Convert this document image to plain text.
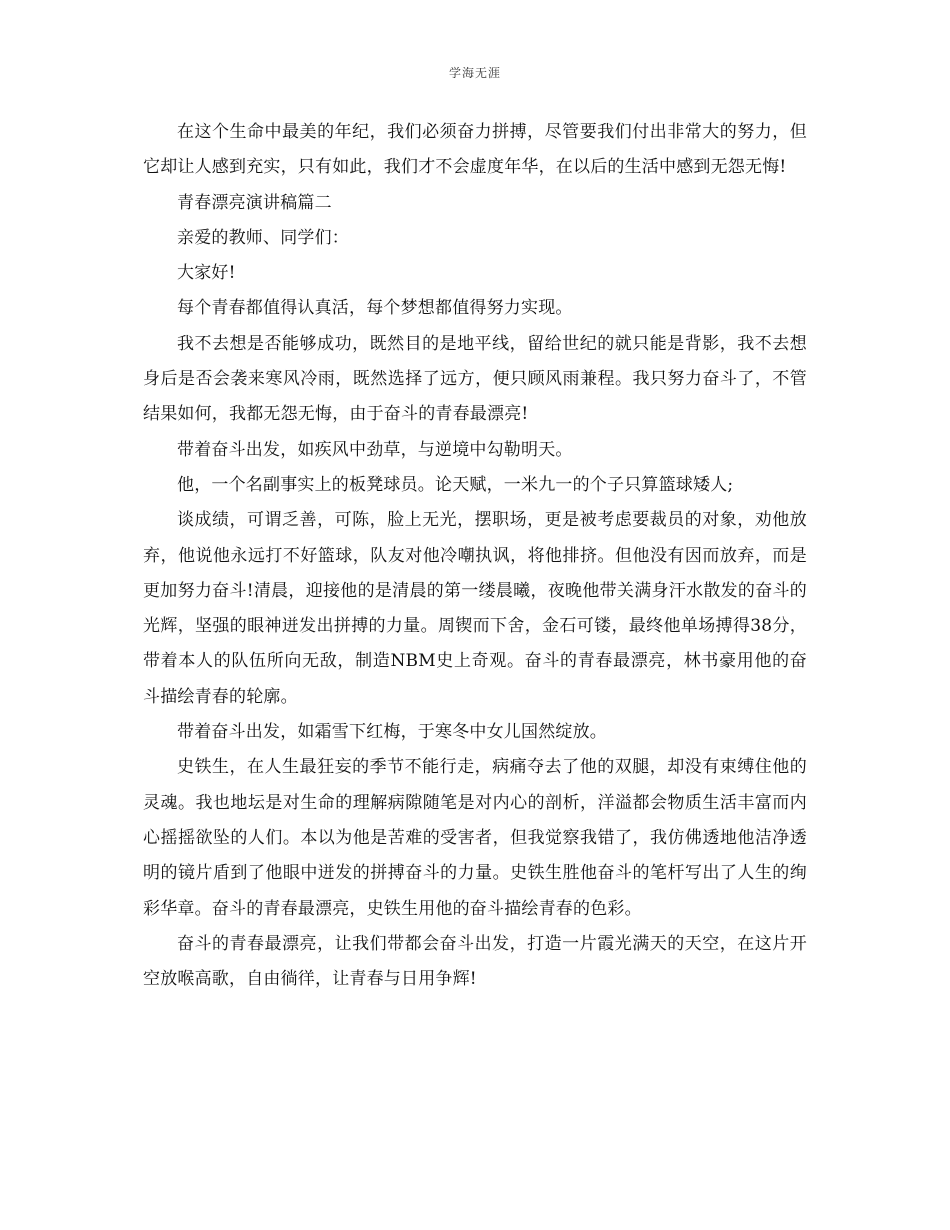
学海无涯

在这个生命中最美的年纪，我们必须奋力拼搏，尽管要我们付出非常大的努力，但它却让人感到充实，只有如此，我们才不会虚度年华，在以后的生活中感到无怨无悔!

青春漂亮演讲稿篇二

亲爱的教师、同学们：

大家好!

每个青春都值得认真活，每个梦想都值得努力实现。

我不去想是否能够成功，既然目的是地平线，留给世纪的就只能是背影，我不去想身后是否会袭来寒风冷雨，既然选择了远方，便只顾风雨兼程。我只努力奋斗了，不管结果如何，我都无怨无悔，由于奋斗的青春最漂亮!

带着奋斗出发，如疾风中劲草，与逆境中勾勒明天。

他，一个名副事实上的板凳球员。论天赋，一米九一的个子只算篮球矮人;

谈成绩，可谓乏善，可陈，脸上无光，摆职场，更是被考虑要裁员的对象，劝他放弃，他说他永远打不好篮球，队友对他冷嘲执讽，将他排挤。但他没有因而放弃，而是更加努力奋斗!清晨，迎接他的是清晨的第一缕晨曦，夜晚他带关满身汗水散发的奋斗的光辉，坚强的眼神迸发出拼搏的力量。周锲而下舍，金石可镂，最终他单场搏得38分，带着本人的队伍所向无敌，制造NBM史上奇观。奋斗的青春最漂亮，林书豪用他的奋斗描绘青春的轮廓。

带着奋斗出发，如霜雪下红梅，于寒冬中女儿国然绽放。

史铁生，在人生最狂妄的季节不能行走，病痛夺去了他的双腿，却没有束缚住他的灵魂。我也地坛是对生命的理解病隙随笔是对内心的剖析，洋溢都会物质生活丰富而内心摇摇欲坠的人们。本以为他是苦难的受害者，但我觉察我错了，我仿佛透地他洁净透明的镜片盾到了他眼中迸发的拼搏奋斗的力量。史铁生胜他奋斗的笔杆写出了人生的绚彩华章。奋斗的青春最漂亮，史铁生用他的奋斗描绘青春的色彩。

奋斗的青春最漂亮，让我们带都会奋斗出发，打造一片霞光满天的天空，在这片开空放喉高歌，自由徜徉，让青春与日用争辉!
